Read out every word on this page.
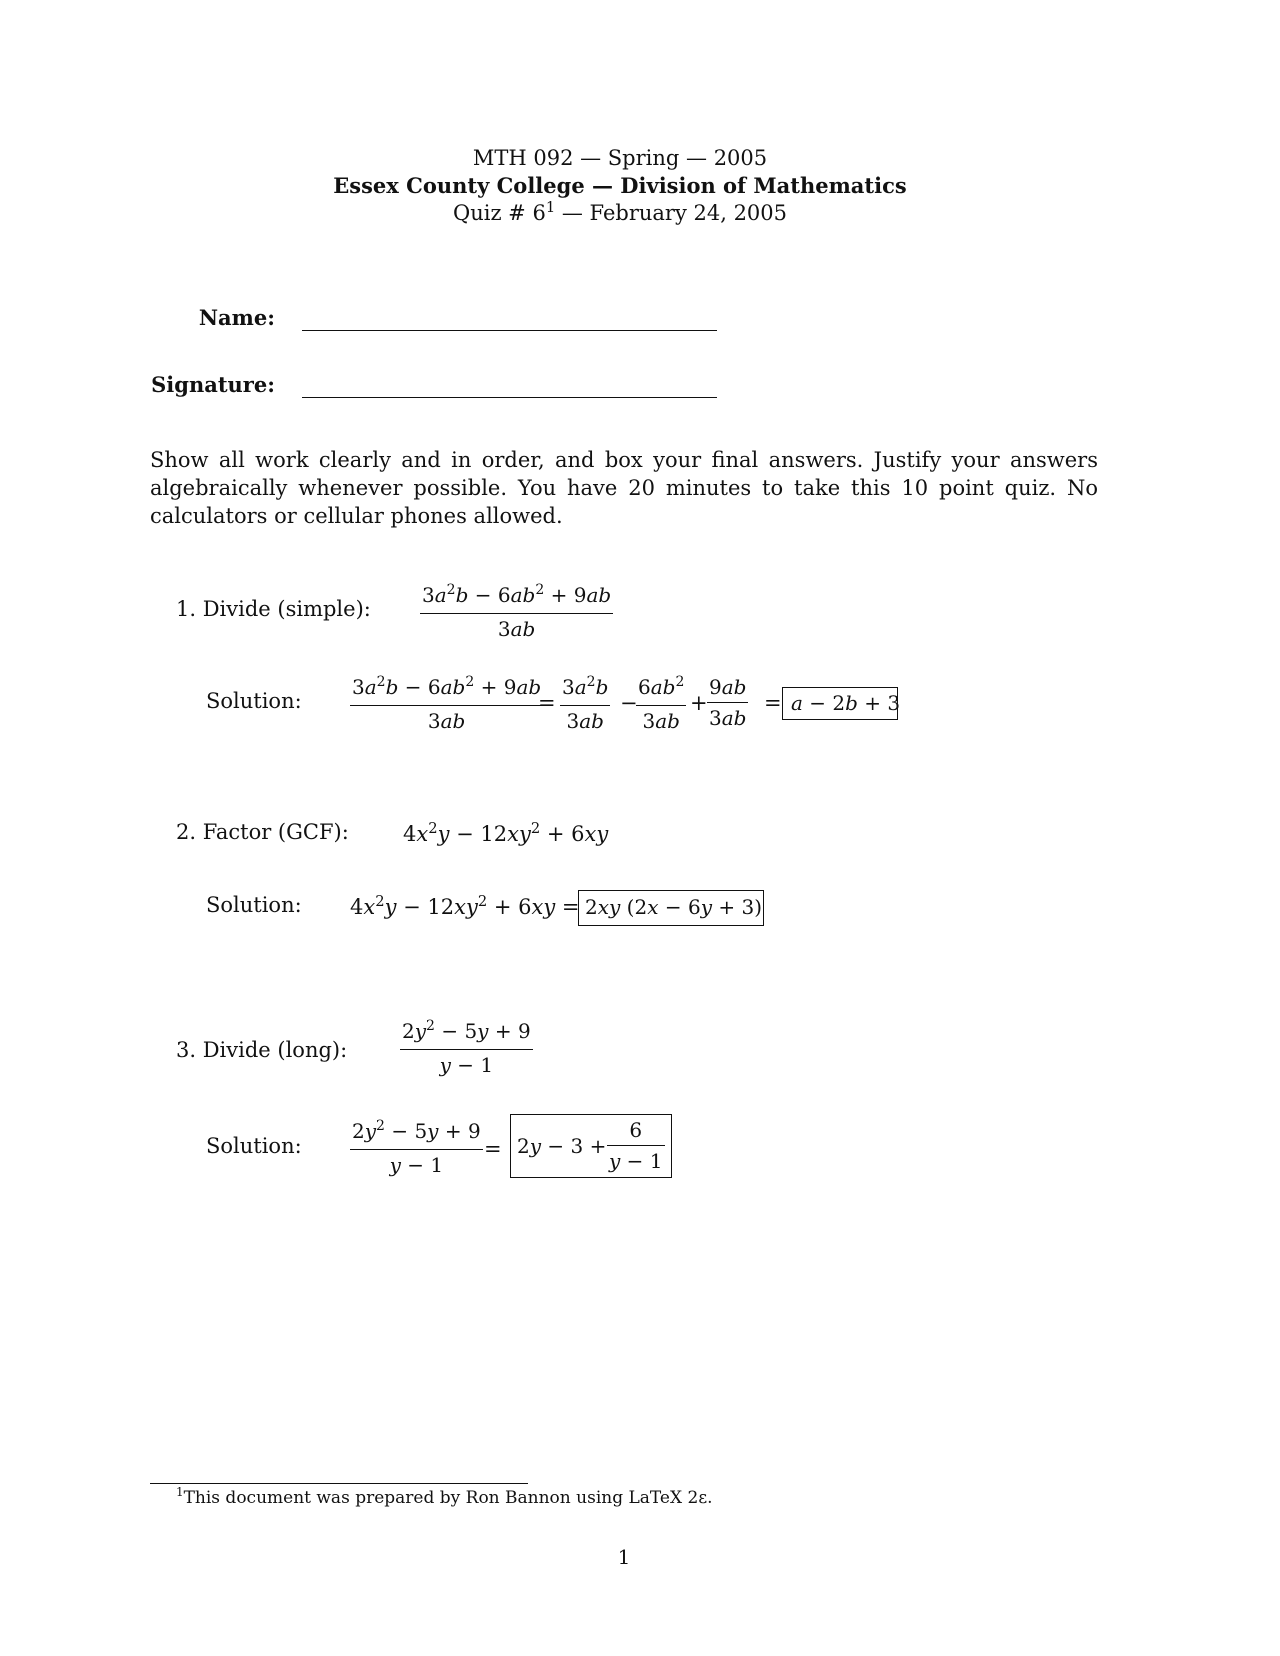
MTH 092 — Spring — 2005
Essex County College — Division of Mathematics
Quiz # $6^1$ — February 24, 2005
Name:
Signature:
Show all work clearly and in order, and box your final answers. Justify your answers algebraically whenever possible. You have 20 minutes to take this 10 point quiz. No calculators or cellular phones allowed.
1. Divide (simple):
$3a^2b - 6ab^2 + 9ab$
3ab
Solution:
$3a^2b - 6ab^2 + 9ab$
3ab
=
$3a^2b$
3ab
−
$6ab^2$
3ab
+
9ab
3ab
= a − 2b + 3
2. Factor (GCF):	$4x^2y - 12xy^2 + 6xy$
Solution: $4x^2y - 12xy^2 + 6xy = 2xy$ (2x − 6y + 3)
3. Divide (long):
$2y^2 - 5y + 9$
y − 1
Solution:
$2y^2 - 5y + 9$
y − 1
= 2y − 3 +
6
y − 1
$^1$This document was prepared by Ron Bannon using LaTeX 2ε.
1
